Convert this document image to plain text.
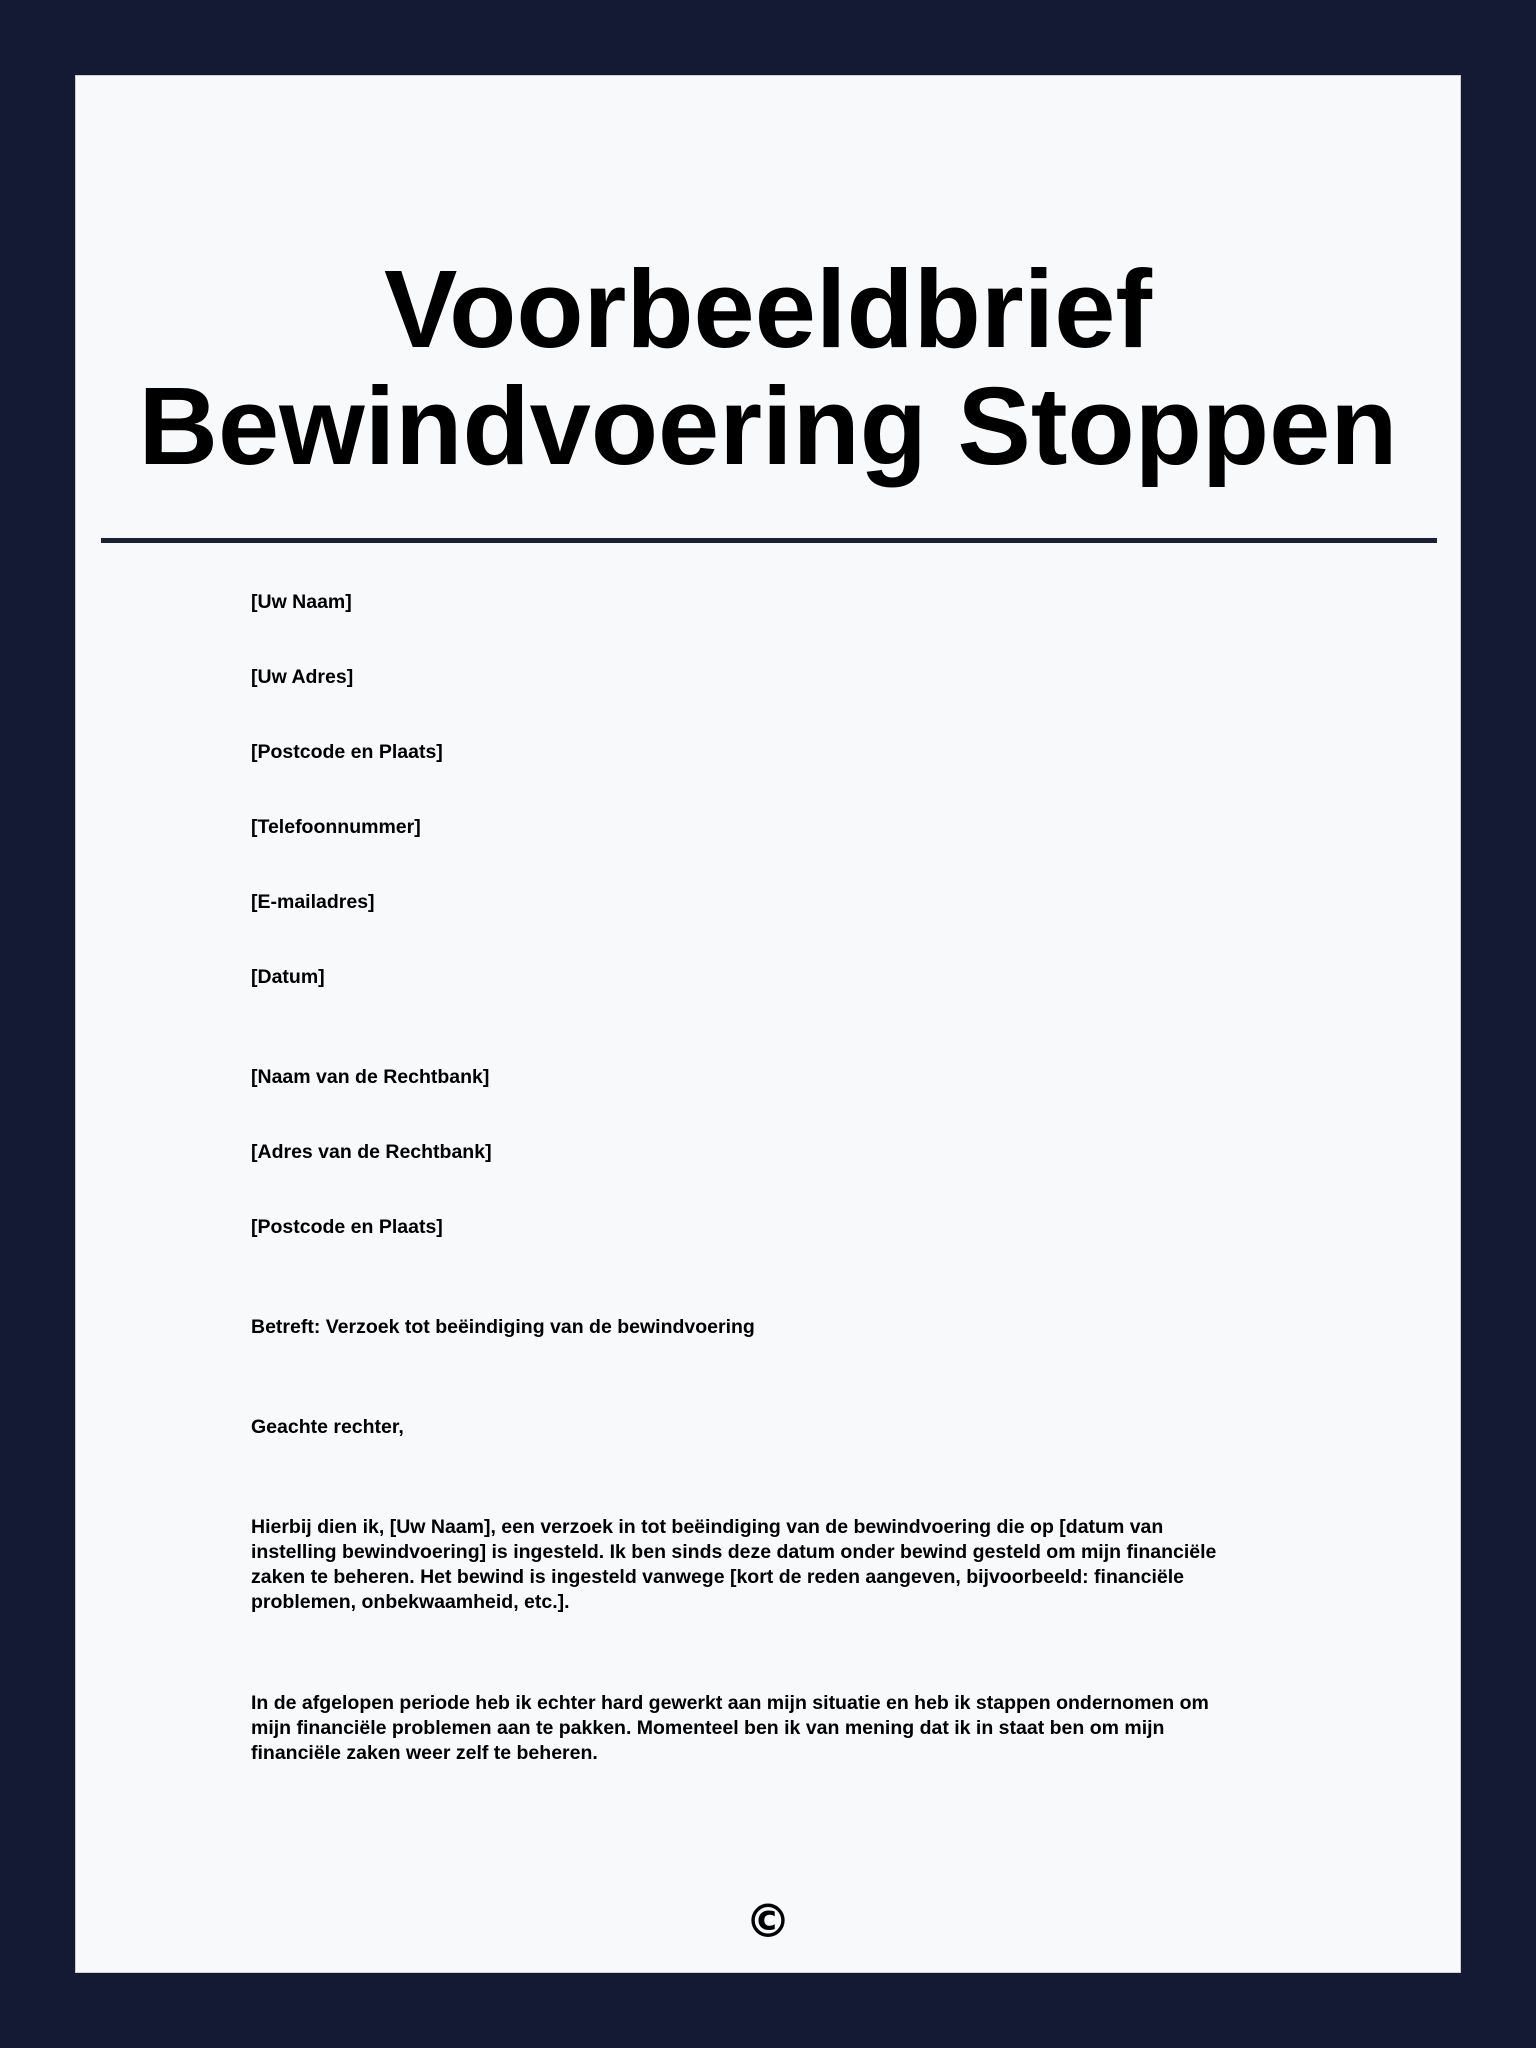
Voorbeeldbrief
Bewindvoering Stoppen
[Uw Naam]
[Uw Adres]
[Postcode en Plaats]
[Telefoonnummer]
[E-mailadres]
[Datum]
[Naam van de Rechtbank]
[Adres van de Rechtbank]
[Postcode en Plaats]
Betreft: Verzoek tot beëindiging van de bewindvoering
Geachte rechter,
Hierbij dien ik, [Uw Naam], een verzoek in tot beëindiging van de bewindvoering die op [datum van instelling bewindvoering] is ingesteld. Ik ben sinds deze datum onder bewind gesteld om mijn financiële zaken te beheren. Het bewind is ingesteld vanwege [kort de reden aangeven, bijvoorbeeld: financiële problemen, onbekwaamheid, etc.].
In de afgelopen periode heb ik echter hard gewerkt aan mijn situatie en heb ik stappen ondernomen om mijn financiële problemen aan te pakken. Momenteel ben ik van mening dat ik in staat ben om mijn financiële zaken weer zelf te beheren.
©
